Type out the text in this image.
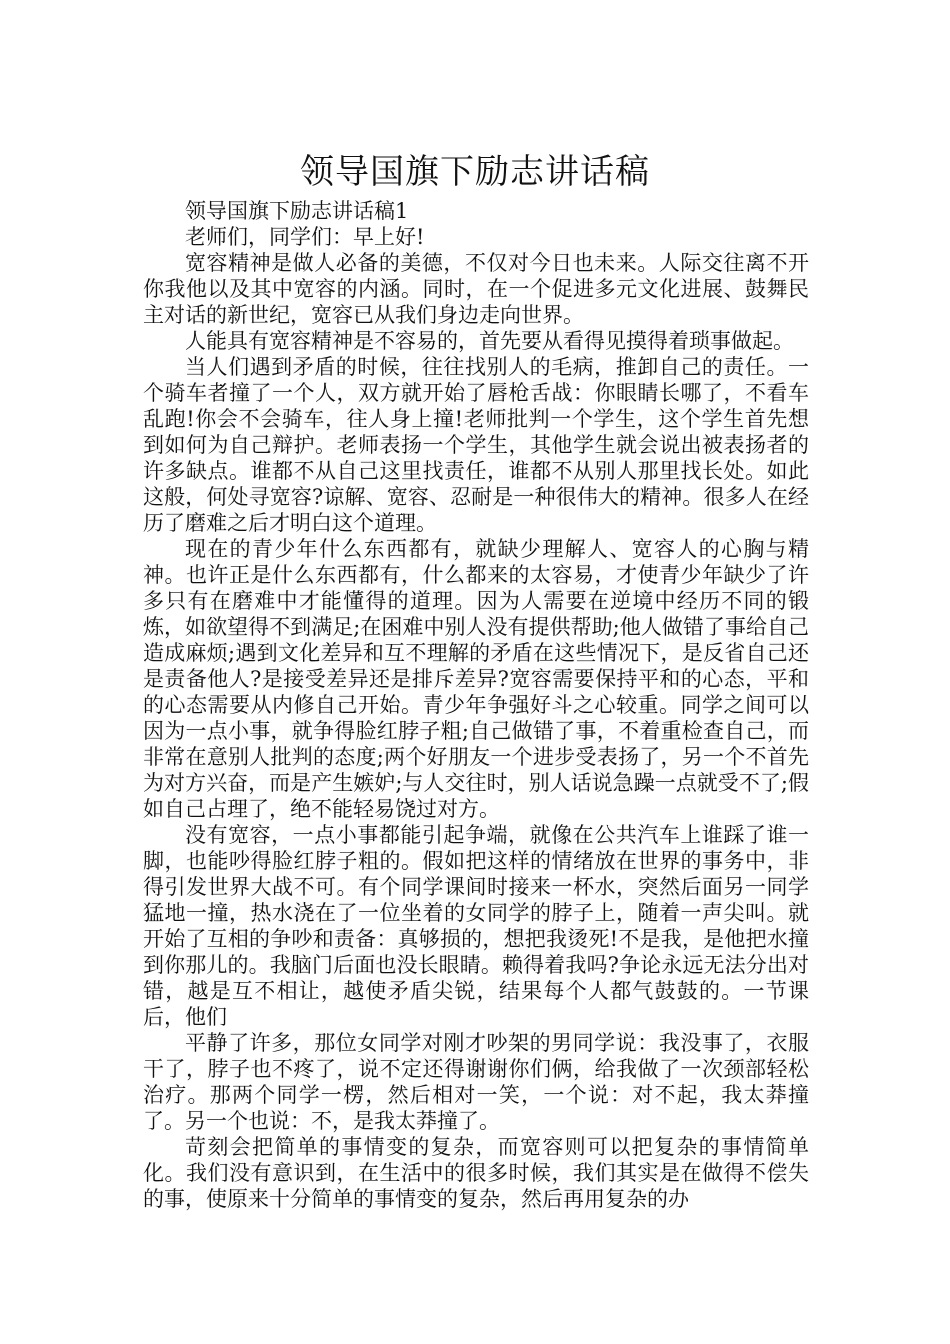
领导国旗下励志讲话稿

领导国旗下励志讲话稿1

老师们，同学们：早上好!

宽容精神是做人必备的美德，不仅对今日也未来。人际交往离不开你我他以及其中宽容的内涵。同时，在一个促进多元文化进展、鼓舞民主对话的新世纪，宽容已从我们身边走向世界。

人能具有宽容精神是不容易的，首先要从看得见摸得着琐事做起。

当人们遇到矛盾的时候，往往找别人的毛病，推卸自己的责任。一个骑车者撞了一个人，双方就开始了唇枪舌战：你眼睛长哪了，不看车乱跑!你会不会骑车，往人身上撞!老师批判一个学生，这个学生首先想到如何为自己辩护。老师表扬一个学生，其他学生就会说出被表扬者的许多缺点。谁都不从自己这里找责任，谁都不从别人那里找长处。如此这般，何处寻宽容?谅解、宽容、忍耐是一种很伟大的精神。很多人在经历了磨难之后才明白这个道理。

现在的青少年什么东西都有，就缺少理解人、宽容人的心胸与精神。也许正是什么东西都有，什么都来的太容易，才使青少年缺少了许多只有在磨难中才能懂得的道理。因为人需要在逆境中经历不同的锻炼，如欲望得不到满足;在困难中别人没有提供帮助;他人做错了事给自己造成麻烦;遇到文化差异和互不理解的矛盾在这些情况下，是反省自己还是责备他人?是接受差异还是排斥差异?宽容需要保持平和的心态，平和的心态需要从内修自己开始。青少年争强好斗之心较重。同学之间可以因为一点小事，就争得脸红脖子粗;自己做错了事，不着重检查自己，而非常在意别人批判的态度;两个好朋友一个进步受表扬了，另一个不首先为对方兴奋，而是产生嫉妒;与人交往时，别人话说急躁一点就受不了;假如自己占理了，绝不能轻易饶过对方。

没有宽容，一点小事都能引起争端，就像在公共汽车上谁踩了谁一脚，也能吵得脸红脖子粗的。假如把这样的情绪放在世界的事务中，非得引发世界大战不可。有个同学课间时接来一杯水，突然后面另一同学猛地一撞，热水浇在了一位坐着的女同学的脖子上，随着一声尖叫。就开始了互相的争吵和责备：真够损的，想把我烫死!不是我，是他把水撞到你那儿的。我脑门后面也没长眼睛。赖得着我吗?争论永远无法分出对错，越是互不相让，越使矛盾尖锐，结果每个人都气鼓鼓的。一节课后，他们

平静了许多，那位女同学对刚才吵架的男同学说：我没事了，衣服干了，脖子也不疼了，说不定还得谢谢你们俩，给我做了一次颈部轻松治疗。那两个同学一楞，然后相对一笑，一个说：对不起，我太莽撞了。另一个也说：不，是我太莽撞了。

苛刻会把简单的事情变的复杂，而宽容则可以把复杂的事情简单化。我们没有意识到，在生活中的很多时候，我们其实是在做得不偿失的事，使原来十分简单的事情变的复杂，然后再用复杂的办
